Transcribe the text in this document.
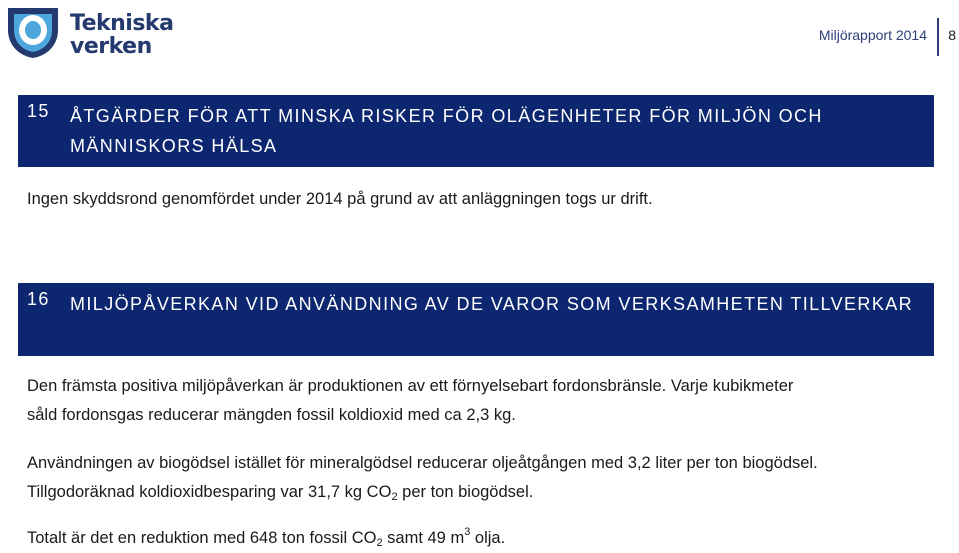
Tekniska
verken	Miljörapport 2014 8
15 ÅTGÄRDER FÖR ATT MINSKA RISKER FÖR OLÄGENHETER FÖR MILJÖN OCH MÄNNISKORS HÄLSA
Ingen skyddsrond genomfördet under 2014 på grund av att anläggningen togs ur drift.
16 MILJÖPÅVERKAN VID ANVÄNDNING AV DE VAROR SOM VERKSAMHETEN TILLVERKAR
Den främsta positiva miljöpåverkan är produktionen av ett förnyelsebart fordonsbränsle. Varje kubikmeter såld fordonsgas reducerar mängden fossil koldioxid med ca 2,3 kg.
Användningen av biogödsel istället för mineralgödsel reducerar oljeåtgången med 3,2 liter per ton biogödsel. Tillgodoräknad koldioxidbesparing var 31,7 kg $CO_2$ per ton biogödsel.
Totalt är det en reduktion med 648 ton fossil $CO_2$ samt 49 $m^3$ olja.
